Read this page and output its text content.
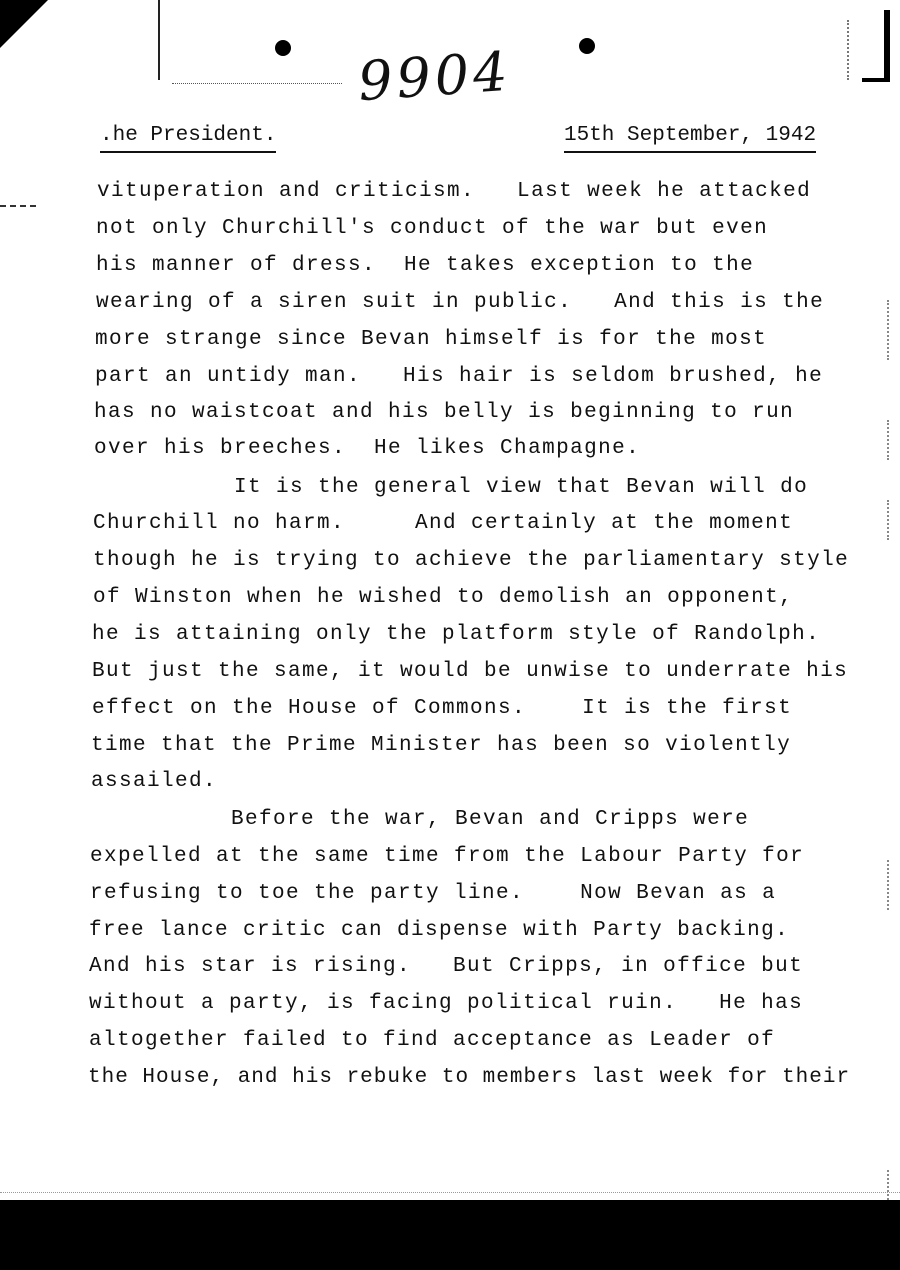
9904
.he President.	15th September, 1942
vituperation and criticism.   Last week he attacked
not only Churchill's conduct of the war but even
his manner of dress.  He takes exception to the
wearing of a siren suit in public.   And this is the
more strange since Bevan himself is for the most
part an untidy man.   His hair is seldom brushed, he
has no waistcoat and his belly is beginning to run
over his breeches.  He likes Champagne.
It is the general view that Bevan will do
Churchill no harm.     And certainly at the moment
though he is trying to achieve the parliamentary style
of Winston when he wished to demolish an opponent,
he is attaining only the platform style of Randolph.
But just the same, it would be unwise to underrate his
effect on the House of Commons.    It is the first
time that the Prime Minister has been so violently
assailed.
Before the war, Bevan and Cripps were
expelled at the same time from the Labour Party for
refusing to toe the party line.    Now Bevan as a
free lance critic can dispense with Party backing.
And his star is rising.   But Cripps, in office but
without a party, is facing political ruin.   He has
altogether failed to find acceptance as Leader of
the House, and his rebuke to members last week for their
